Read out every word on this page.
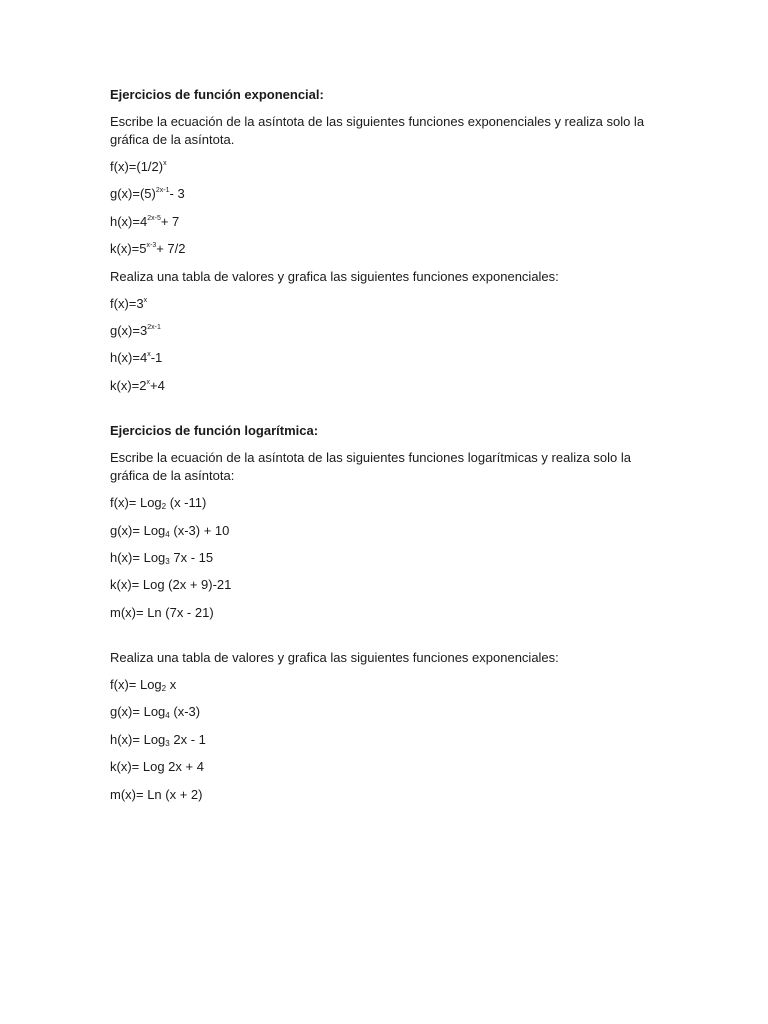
Ejercicios de función exponencial:
Escribe la ecuación de la asíntota de las siguientes funciones exponenciales y realiza solo la gráfica de la asíntota.
$f(x)=(1/2)^x$
$g(x)=(5)^{2x-1}-$ 3
$h(x)=4^{2x-5}+ 7$
$k(x)=5^{x-3}+ 7/2$
Realiza una tabla de valores y grafica las siguientes funciones exponenciales:
$f(x)=3^x$
$g(x)=3^{2x-1}$
$h(x)=4^x-1$
$k(x)=2^x+4$
Ejercicios de función logarítmica:
Escribe la ecuación de la asíntota de las siguientes funciones logarítmicas y realiza solo la gráfica de la asíntota:
f(x)= Log$_2$ (x -11)
g(x)= Log$_4$ (x-3) + 10
h(x)= Log$_3$ 7x - 15
k(x)= Log (2x + 9)-21
m(x)= Ln (7x - 21)
Realiza una tabla de valores y grafica las siguientes funciones exponenciales:
f(x)= Log$_2$ x
g(x)= Log$_4$ (x-3)
h(x)= Log$_3$ 2x - 1
k(x)= Log 2x + 4
m(x)= Ln (x + 2)
